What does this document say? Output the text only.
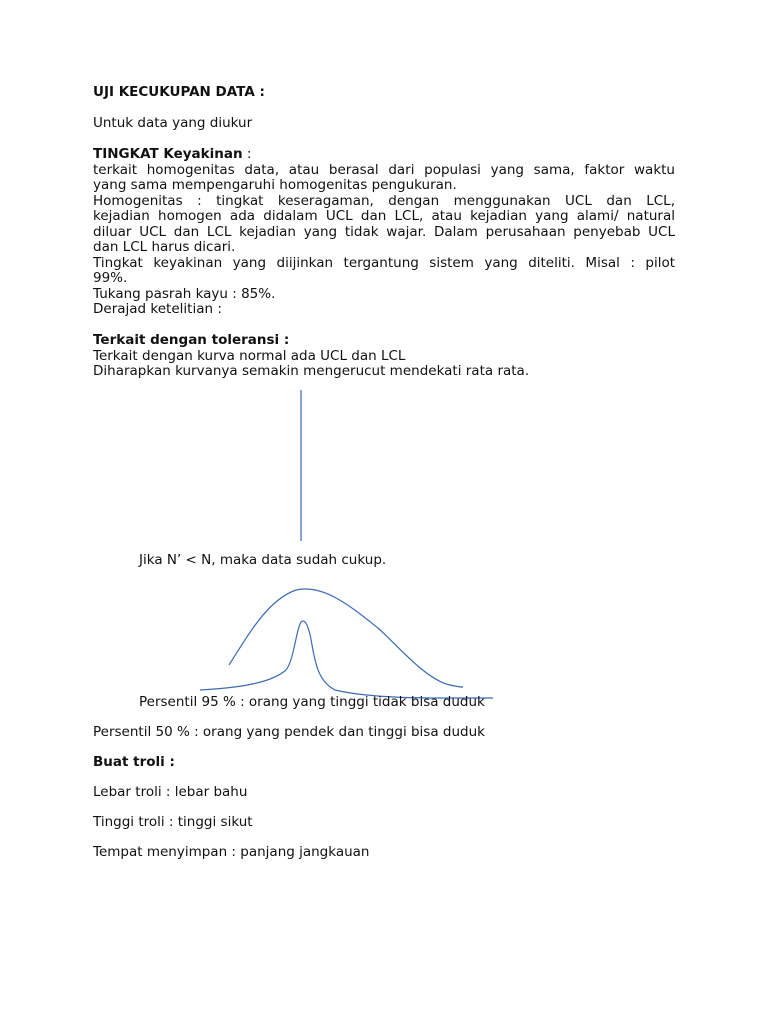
UJI KECUKUPAN DATA :
Untuk data yang diukur
TINGKAT Keyakinan :
terkait homogenitas data, atau berasal dari populasi yang sama, faktor waktu
yang sama mempengaruhi homogenitas pengukuran.
Homogenitas : tingkat keseragaman, dengan menggunakan UCL dan LCL,
kejadian homogen ada didalam UCL dan LCL, atau kejadian yang alami/ natural
diluar UCL dan LCL kejadian yang tidak wajar. Dalam perusahaan penyebab UCL
dan LCL harus dicari.
Tingkat keyakinan yang diijinkan tergantung sistem yang diteliti. Misal : pilot
99%.
Tukang pasrah kayu : 85%.
Derajad ketelitian :
Terkait dengan toleransi :
Terkait dengan kurva normal ada UCL dan LCL
Diharapkan kurvanya semakin mengerucut mendekati rata rata.
Jika N’ < N, maka data sudah cukup.
Persentil 95 % : orang yang tinggi tidak bisa duduk
Persentil 50 % : orang yang pendek dan tinggi bisa duduk
Buat troli :
Lebar troli : lebar bahu
Tinggi troli : tinggi sikut
Tempat menyimpan : panjang jangkauan
